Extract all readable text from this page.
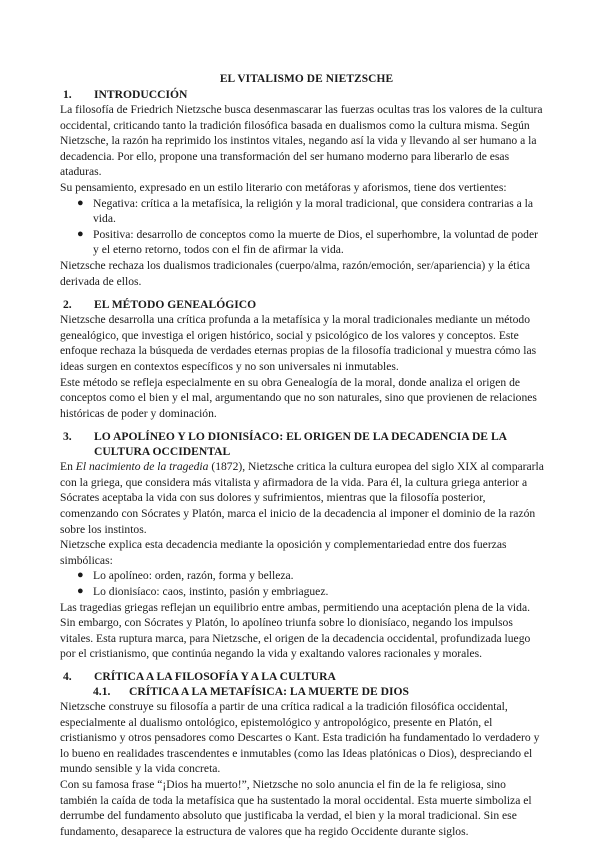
EL VITALISMO DE NIETZSCHE
1.	INTRODUCCIÓN

La filosofía de Friedrich Nietzsche busca desenmascarar las fuerzas ocultas tras los valores de la cultura occidental, criticando tanto la tradición filosófica basada en dualismos como la cultura misma. Según Nietzsche, la razón ha reprimido los instintos vitales, negando así la vida y llevando al ser humano a la decadencia. Por ello, propone una transformación del ser humano moderno para liberarlo de esas ataduras.

Su pensamiento, expresado en un estilo literario con metáforas y aforismos, tiene dos vertientes:

● Negativa: crítica a la metafísica, la religión y la moral tradicional, que considera contrarias a la vida.
● Positiva: desarrollo de conceptos como la muerte de Dios, el superhombre, la voluntad de poder y el eterno retorno, todos con el fin de afirmar la vida.

Nietzsche rechaza los dualismos tradicionales (cuerpo/alma, razón/emoción, ser/apariencia) y la ética derivada de ellos.

2.	EL MÉTODO GENEALÓGICO

Nietzsche desarrolla una crítica profunda a la metafísica y la moral tradicionales mediante un método genealógico, que investiga el origen histórico, social y psicológico de los valores y conceptos. Este enfoque rechaza la búsqueda de verdades eternas propias de la filosofía tradicional y muestra cómo las ideas surgen en contextos específicos y no son universales ni inmutables.

Este método se refleja especialmente en su obra Genealogía de la moral, donde analiza el origen de conceptos como el bien y el mal, argumentando que no son naturales, sino que provienen de relaciones históricas de poder y dominación.

3.	LO APOLÍNEO Y LO DIONISÍACO: EL ORIGEN DE LA DECADENCIA DE LA CULTURA OCCIDENTAL

En El nacimiento de la tragedia (1872), Nietzsche critica la cultura europea del siglo XIX al compararla con la griega, que considera más vitalista y afirmadora de la vida. Para él, la cultura griega anterior a Sócrates aceptaba la vida con sus dolores y sufrimientos, mientras que la filosofía posterior, comenzando con Sócrates y Platón, marca el inicio de la decadencia al imponer el dominio de la razón sobre los instintos.

Nietzsche explica esta decadencia mediante la oposición y complementariedad entre dos fuerzas simbólicas:

● Lo apolíneo: orden, razón, forma y belleza.
● Lo dionisíaco: caos, instinto, pasión y embriaguez.

Las tragedias griegas reflejan un equilibrio entre ambas, permitiendo una aceptación plena de la vida. Sin embargo, con Sócrates y Platón, lo apolíneo triunfa sobre lo dionisíaco, negando los impulsos vitales. Esta ruptura marca, para Nietzsche, el origen de la decadencia occidental, profundizada luego por el cristianismo, que continúa negando la vida y exaltando valores racionales y morales.

4.	CRÍTICA A LA FILOSOFÍA Y A LA CULTURA
4.1.	CRÍTICA A LA METAFÍSICA: LA MUERTE DE DIOS

Nietzsche construye su filosofía a partir de una crítica radical a la tradición filosófica occidental, especialmente al dualismo ontológico, epistemológico y antropológico, presente en Platón, el cristianismo y otros pensadores como Descartes o Kant. Esta tradición ha fundamentado lo verdadero y lo bueno en realidades trascendentes e inmutables (como las Ideas platónicas o Dios), despreciando el mundo sensible y la vida concreta.

Con su famosa frase “¡Dios ha muerto!”, Nietzsche no solo anuncia el fin de la fe religiosa, sino también la caída de toda la metafísica que ha sustentado la moral occidental. Esta muerte simboliza el derrumbe del fundamento absoluto que justificaba la verdad, el bien y la moral tradicional. Sin ese fundamento, desaparece la estructura de valores que ha regido Occidente durante siglos.
